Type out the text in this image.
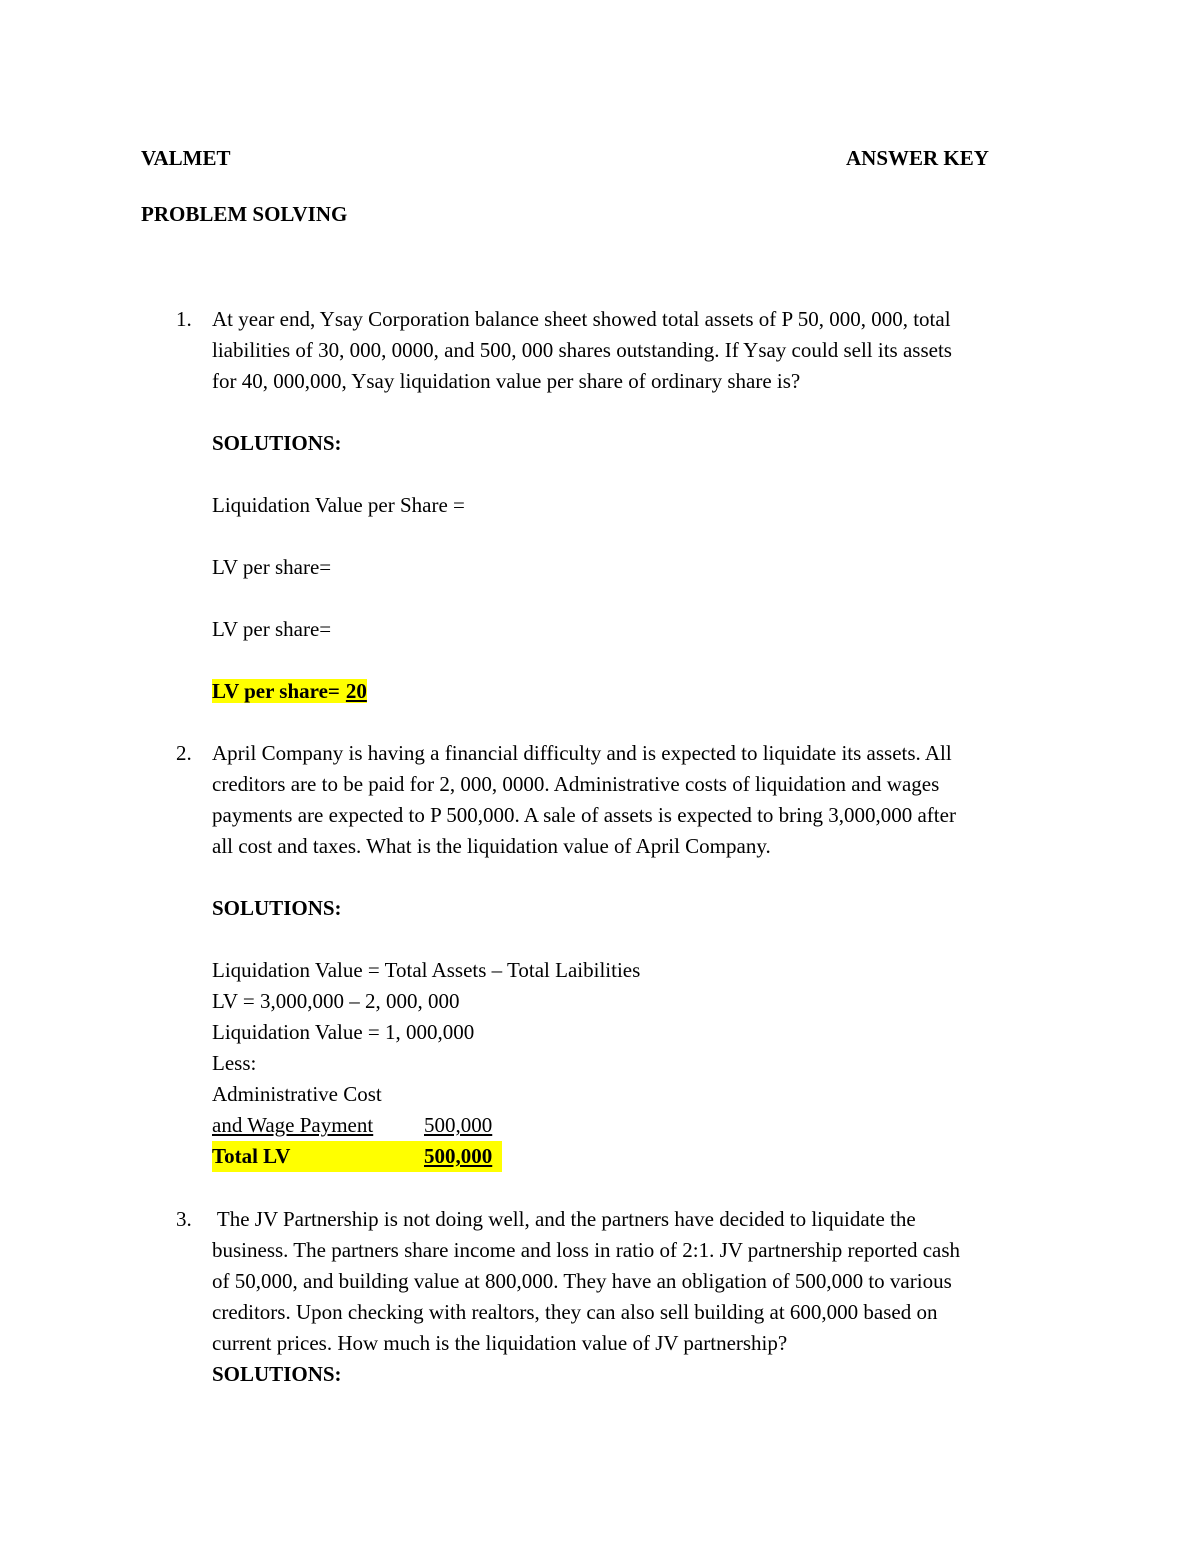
VALMET	ANSWER KEY
PROBLEM SOLVING
1. At year end, Ysay Corporation balance sheet showed total assets of P 50, 000, 000, total
liabilities of 30, 000, 0000, and 500, 000 shares outstanding. If Ysay could sell its assets
for 40, 000,000, Ysay liquidation value per share of ordinary share is?
SOLUTIONS:
Liquidation Value per Share =
LV per share=
LV per share=
LV per share= 20
2. April Company is having a financial difficulty and is expected to liquidate its assets. All
creditors are to be paid for 2, 000, 0000. Administrative costs of liquidation and wages
payments are expected to P 500,000. A sale of assets is expected to bring 3,000,000 after
all cost and taxes. What is the liquidation value of April Company.
SOLUTIONS:
Liquidation Value = Total Assets – Total Laibilities
LV = 3,000,000 – 2, 000, 000
Liquidation Value = 1, 000,000
Less:
Administrative Cost
and Wage Payment 500,000
Total LV	500,000
3. The JV Partnership is not doing well, and the partners have decided to liquidate the
business. The partners share income and loss in ratio of 2:1. JV partnership reported cash
of 50,000, and building value at 800,000. They have an obligation of 500,000 to various
creditors. Upon checking with realtors, they can also sell building at 600,000 based on
current prices. How much is the liquidation value of JV partnership?
SOLUTIONS:
